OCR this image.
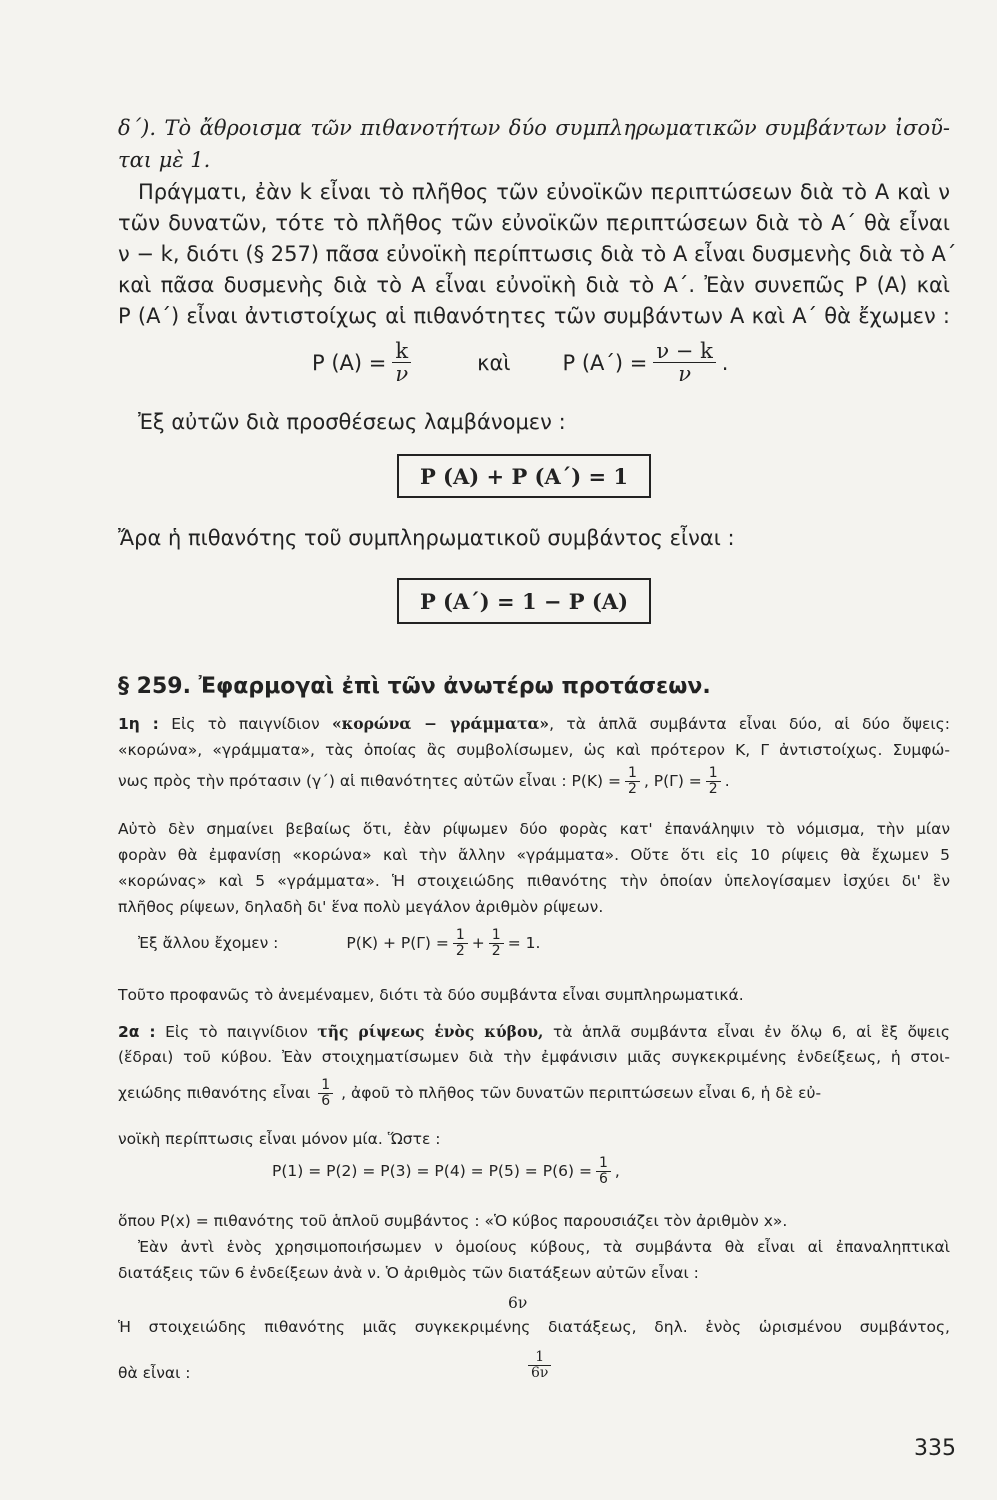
δ΄). Τὸ ἄθροισμα τῶν πιθανοτήτων δύο συμπληρωματικῶν συμβάντων ἰσοῦ-
ται μὲ 1.
Πράγματι, ἐὰν k εἶναι τὸ πλῆθος τῶν εὐνοϊκῶν περιπτώσεων διὰ τὸ Α καὶ ν
τῶν δυνατῶν, τότε τὸ πλῆθος τῶν εὐνοϊκῶν περιπτώσεων διὰ τὸ Α΄ θὰ εἶναι
ν − k, διότι (§ 257) πᾶσα εὐνοϊκὴ περίπτωσις διὰ τὸ Α εἶναι δυσμενὴς διὰ τὸ Α΄
καὶ πᾶσα δυσμενὴς διὰ τὸ Α εἶναι εὐνοϊκὴ διὰ τὸ Α΄. Ἐὰν συνεπῶς Ρ (Α) καὶ
Ρ (Α΄) εἶναι ἀντιστοίχως αἱ πιθανότητες τῶν συμβάντων Α καὶ Α΄ θὰ ἔχωμεν :
Ρ $(A) = \frac{k}{\nu}$	καὶ Ρ $(A΄) = \frac{\nu - k}{\nu}$ .
Ἐξ αὐτῶν διὰ προσθέσεως λαμβάνομεν :
Ρ (Α) + Ρ (Α΄) = 1
Ἄρα ἡ πιθανότης τοῦ συμπληρωματικοῦ συμβάντος εἶναι :
Ρ (Α΄) = 1 − Ρ (Α)
§ 259. Ἐφαρμογαὶ ἐπὶ τῶν ἀνωτέρω προτάσεων.
1η : Εἰς τὸ παιγνίδιον «κορώνα − γράμματα», τὰ ἁπλᾶ συμβάντα εἶναι δύο, αἱ δύο ὄψεις:
«κορώνα», «γράμματα», τὰς ὁποίας ἂς συμβολίσωμεν, ὡς καὶ πρότερον Κ, Γ ἀντιστοίχως. Συμφώ-
νως πρὸς τὴν πρότασιν (γ΄) αἱ πιθανότητες αὐτῶν εἶναι : $P(K) = \frac{1}{2}$ , $P(\Gamma) = \frac{1}{2}$ .
Αὐτὸ δὲν σημαίνει βεβαίως ὅτι, ἐὰν ρίψωμεν δύο φορὰς κατ' ἐπανάληψιν τὸ νόμισμα, τὴν μίαν
φορὰν θὰ ἐμφανίσῃ «κορώνα» καὶ τὴν ἄλλην «γράμματα». Οὔτε ὅτι εἰς 10 ρίψεις θὰ ἔχωμεν 5
«κορώνας» καὶ 5 «γράμματα». Ἡ στοιχειώδης πιθανότης τὴν ὁποίαν ὑπελογίσαμεν ἰσχύει δι' ἓν
πλῆθος ρίψεων, δηλαδὴ δι' ἕνα πολὺ μεγάλον ἀριθμὸν ρίψεων.
Ἐξ ἄλλου ἔχομεν :	$P(K) + P(\Gamma) = \frac{1}{2} + \frac{1}{2} = 1$.
Τοῦτο προφανῶς τὸ ἀνεμέναμεν, διότι τὰ δύο συμβάντα εἶναι συμπληρωματικά.
2α : Εἰς τὸ παιγνίδιον τῆς ρίψεως ἑνὸς κύβου, τὰ ἁπλᾶ συμβάντα εἶναι ἐν ὅλῳ 6, αἱ ἓξ ὄψεις
(ἕδραι) τοῦ κύβου. Ἐὰν στοιχηματίσωμεν διὰ τὴν ἐμφάνισιν μιᾶς συγκεκριμένης ἐνδείξεως, ἡ στοι-
χειώδης πιθανότης εἶναι $\frac{1}{6}$ , ἀφοῦ τὸ πλῆθος τῶν δυνατῶν περιπτώσεων εἶναι 6, ἡ δὲ εὐ-
νοϊκὴ περίπτωσις εἶναι μόνον μία. Ὥστε :
$P(1) = P(2) = P(3) = P(4) = P(5) = P(6) = \frac{1}{6}$ ,
ὅπου Ρ(x) = πιθανότης τοῦ ἁπλοῦ συμβάντος : «Ὁ κύβος παρουσιάζει τὸν ἀριθμὸν x».
Ἐὰν ἀντὶ ἑνὸς χρησιμοποιήσωμεν ν ὁμοίους κύβους, τὰ συμβάντα θὰ εἶναι αἱ ἐπαναληπτικαὶ
διατάξεις τῶν 6 ἐνδείξεων ἀνὰ ν. Ὁ ἀριθμὸς τῶν διατάξεων αὐτῶν εἶναι :
6ν
Ἡ στοιχειώδης πιθανότης μιᾶς συγκεκριμένης διατάξεως, δηλ. ἑνὸς ὡρισμένου συμβάντος,
θὰ εἶναι :	$\frac{1}{6\nu}$
335
